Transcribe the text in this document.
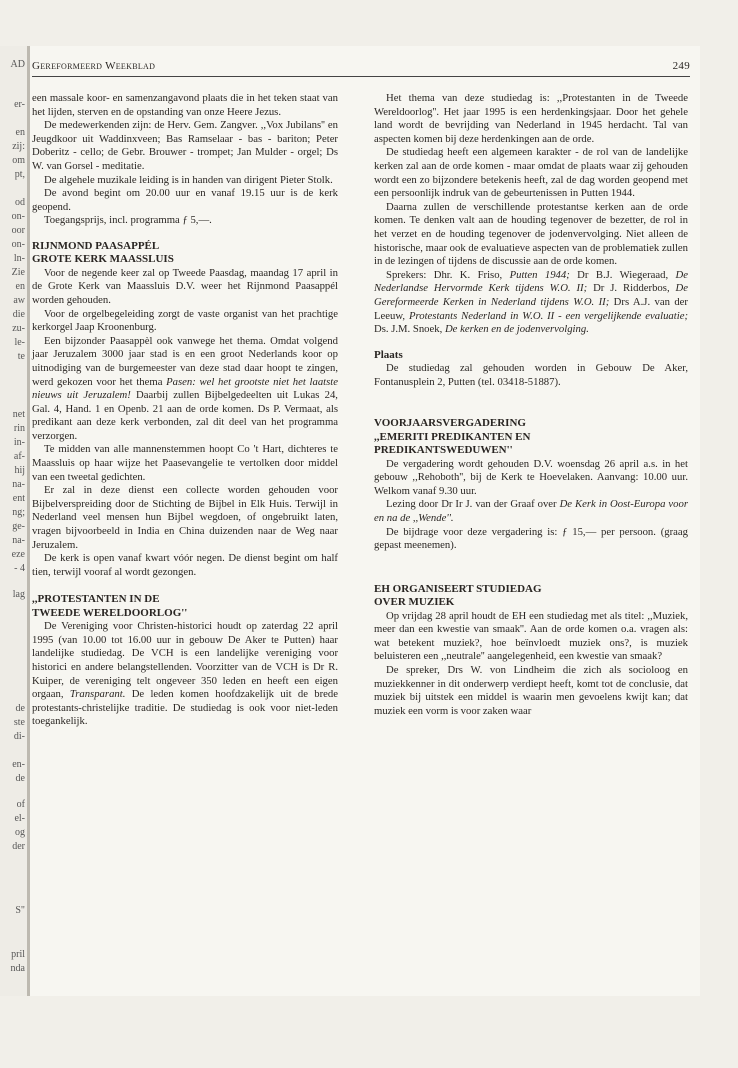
AD
er-
en
zij:
om
pt,
od
on-
oor
on-
ln-
Zie
en
aw
die
zu-
le-
te
net
rin
in-
af-
hij
na-
ent
ng;
ge-
na-
eze
- 4
lag
de
ste
di-
en-
de
of
el-
og
der
S"
pril
nda
Gereformeerd Weekblad	249

een massale koor- en samenzangavond plaats die in het teken staat van het lijden, sterven en de opstanding van onze Heere Jezus.

De medewerkenden zijn: de Herv. Gem. Zangver. ,,Vox Jubilans'' en Jeugdkoor uit Waddinxveen; Bas Ramselaar - bas - bariton; Peter Doberitz - cello; de Gebr. Brouwer - trompet; Jan Mulder - orgel; Ds W. van Gorsel - meditatie.

De algehele muzikale leiding is in handen van dirigent Pieter Stolk.

De avond begint om 20.00 uur en vanaf 19.15 uur is de kerk geopend.

Toegangsprijs, incl. programma ƒ 5,—.

RIJNMOND PAASAPPÉL
GROTE KERK MAASSLUIS

Voor de negende keer zal op Tweede Paasdag, maandag 17 april in de Grote Kerk van Maassluis D.V. weer het Rijnmond Paasappél worden gehouden.

Voor de orgelbegeleiding zorgt de vaste organist van het prachtige kerkorgel Jaap Kroonenburg.

Een bijzonder Paasappèl ook vanwege het thema. Omdat volgend jaar Jeruzalem 3000 jaar stad is en een groot Nederlands koor op uitnodiging van de burgemeester van deze stad daar hoopt te zingen, werd gekozen voor het thema Pasen: wel het grootste niet het laatste nieuws uit Jeruzalem! Daarbij zullen Bijbelgedeelten uit Lukas 24, Gal. 4, Hand. 1 en Openb. 21 aan de orde komen. Ds P. Vermaat, als predikant aan deze kerk verbonden, zal dit deel van het programma verzorgen.

Te midden van alle mannenstemmen hoopt Co 't Hart, dichteres te Maassluis op haar wijze het Paasevangelie te vertolken door middel van een tweetal gedichten.

Er zal in deze dienst een collecte worden gehouden voor Bijbelverspreiding door de Stichting de Bijbel in Elk Huis. Terwijl in Nederland veel mensen hun Bijbel wegdoen, of ongebruikt laten, vragen bijvoorbeeld in India en China duizenden naar de Weg naar Jeruzalem.

De kerk is open vanaf kwart vóór negen. De dienst begint om half tien, terwijl vooraf al wordt gezongen.

,,PROTESTANTEN IN DE
TWEEDE WERELDOORLOG''

De Vereniging voor Christen-historici houdt op zaterdag 22 april 1995 (van 10.00 tot 16.00 uur in gebouw De Aker te Putten) haar landelijke studiedag. De VCH is een landelijke vereniging voor historici en andere belangstellenden. Voorzitter van de VCH is Dr R. Kuiper, de vereniging telt ongeveer 350 leden en heeft een eigen orgaan, Transparant. De leden komen hoofdzakelijk uit de brede protestants-christelijke traditie. De studiedag is ook voor niet-leden toegankelijk.

Het thema van deze studiedag is: ,,Protestanten in de Tweede Wereldoorlog''. Het jaar 1995 is een herdenkingsjaar. Door het gehele land wordt de bevrijding van Nederland in 1945 herdacht. Tal van aspecten komen bij deze herdenkingen aan de orde.

De studiedag heeft een algemeen karakter - de rol van de landelijke kerken zal aan de orde komen - maar omdat de plaats waar zij gehouden wordt een zo bijzondere betekenis heeft, zal de dag worden geopend met een persoonlijk indruk van de gebeurtenissen in Putten 1944.

Daarna zullen de verschillende protestantse kerken aan de orde komen. Te denken valt aan de houding tegenover de bezetter, de rol in het verzet en de houding tegenover de jodenvervolging. Niet alleen de historische, maar ook de evaluatieve aspecten van de problematiek zullen in de lezingen of tijdens de discussie aan de orde komen.

Sprekers: Dhr. K. Friso, Putten 1944; Dr B.J. Wiegeraad, De Nederlandse Hervormde Kerk tijdens W.O. II; Dr J. Ridderbos, De Gereformeerde Kerken in Nederland tijdens W.O. II; Drs A.J. van der Leeuw, Protestants Nederland in W.O. II - een vergelijkende evaluatie; Ds. J.M. Snoek, De kerken en de jodenvervolging.

Plaats

De studiedag zal gehouden worden in Gebouw De Aker, Fontanusplein 2, Putten (tel. 03418-51887).

VOORJAARSVERGADERING
,,EMERITI PREDIKANTEN EN
PREDIKANTSWEDUWEN''

De vergadering wordt gehouden D.V. woensdag 26 april a.s. in het gebouw ,,Rehoboth'', bij de Kerk te Hoevelaken. Aanvang: 10.00 uur. Welkom vanaf 9.30 uur.

Lezing door Dr Ir J. van der Graaf over De Kerk in Oost-Europa voor en na de ,,Wende''.

De bijdrage voor deze vergadering is: ƒ 15,— per persoon. (graag gepast meenemen).

EH ORGANISEERT STUDIEDAG
OVER MUZIEK

Op vrijdag 28 april houdt de EH een studiedag met als titel: ,,Muziek, meer dan een kwestie van smaak''. Aan de orde komen o.a. vragen als: wat betekent muziek?, hoe beïnvloedt muziek ons?, is muziek beluisteren een ,,neutrale'' aangelegenheid, een kwestie van smaak?

De spreker, Drs W. von Lindheim die zich als socioloog en muziekkenner in dit onderwerp verdiept heeft, komt tot de conclusie, dat muziek bij uitstek een middel is waarin men gevoelens kwijt kan; dat muziek een vorm is voor zaken waar
